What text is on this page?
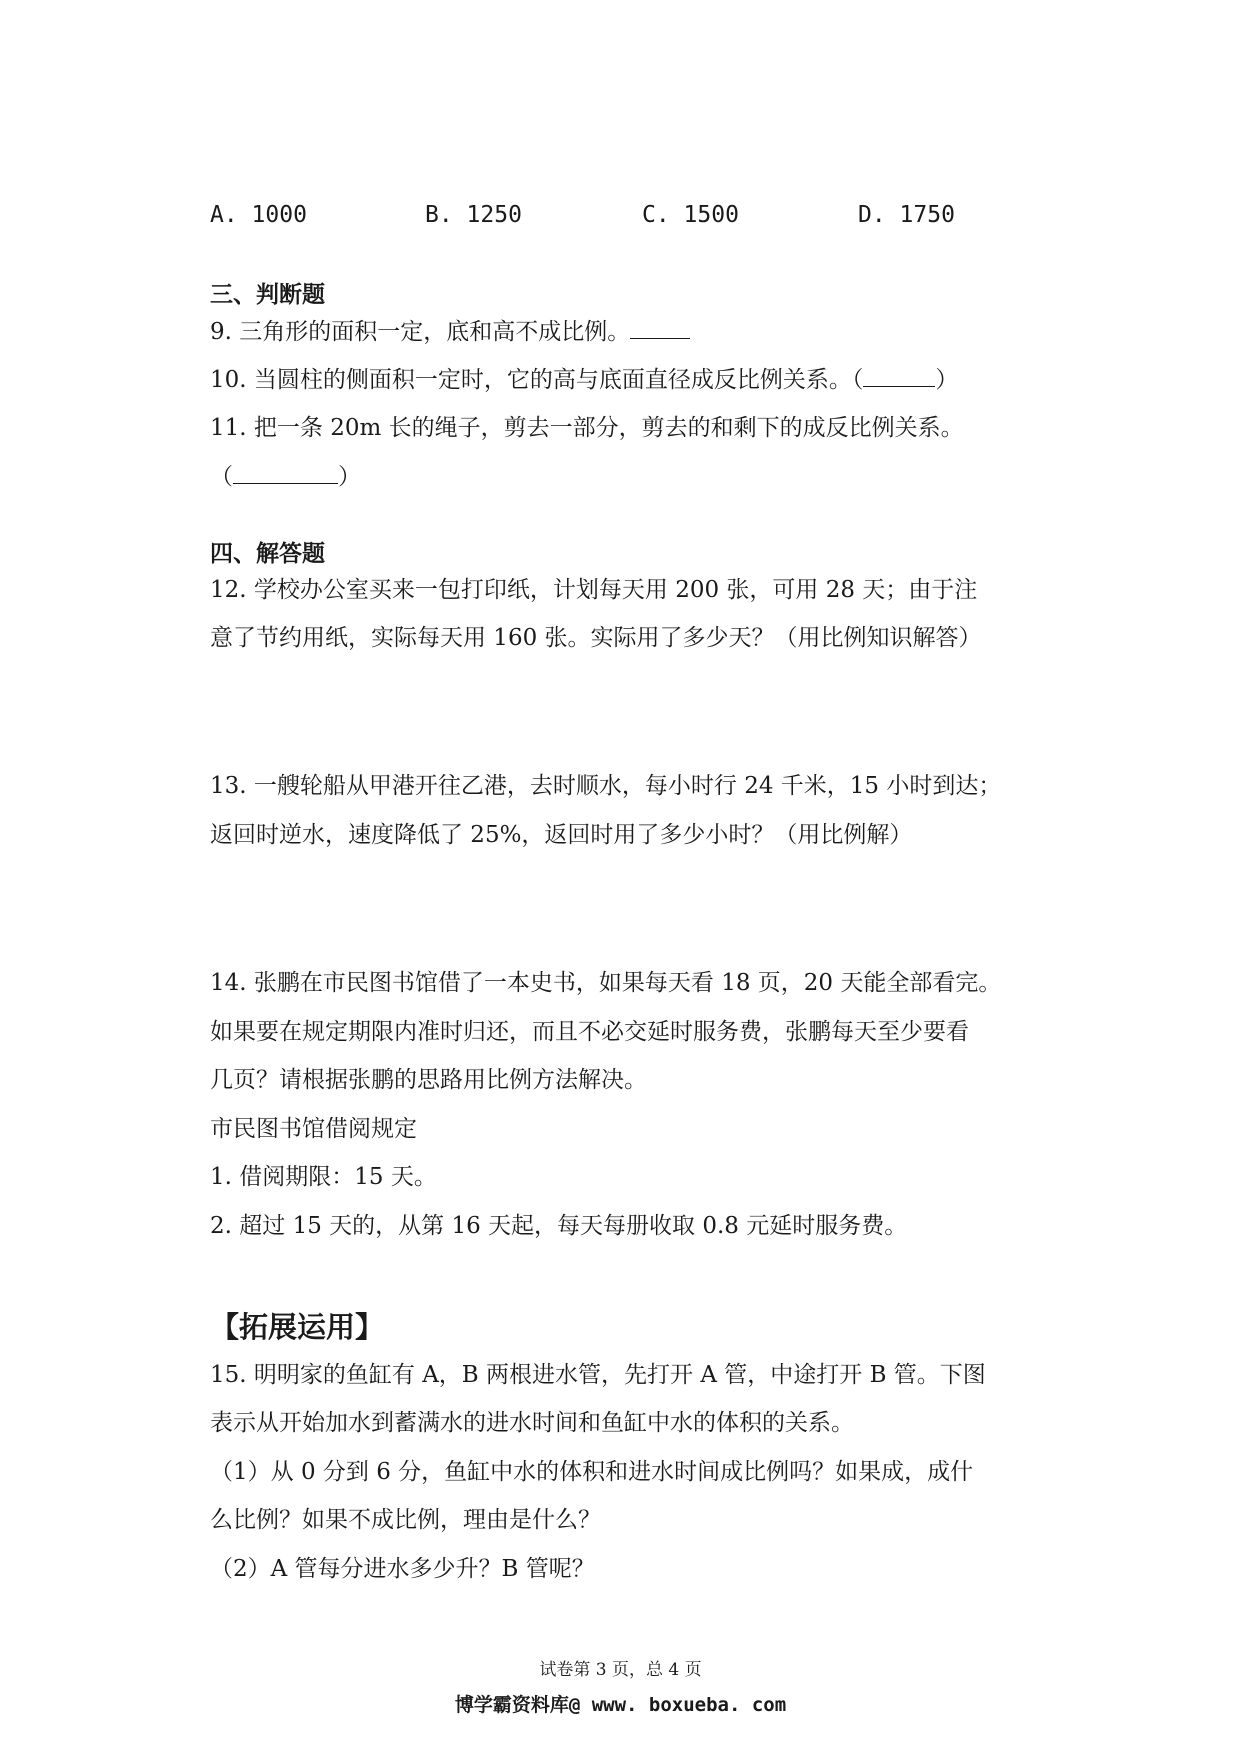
A. 1000	B. 1250	C. 1500	D. 1750
三、判断题
9. 三角形的面积一定，底和高不成比例。
10. 当圆柱的侧面积一定时，它的高与底面直径成反比例关系。（	）
11. 把一条 20m 长的绳子，剪去一部分，剪去的和剩下的成反比例关系。
（	）
四、解答题
12. 学校办公室买来一包打印纸，计划每天用 200 张，可用 28 天；由于注
意了节约用纸，实际每天用 160 张。实际用了多少天？（用比例知识解答）
13. 一艘轮船从甲港开往乙港，去时顺水，每小时行 24 千米，15 小时到达；
返回时逆水，速度降低了 25%，返回时用了多少小时？（用比例解）
14. 张鹏在市民图书馆借了一本史书，如果每天看 18 页，20 天能全部看完。
如果要在规定期限内准时归还，而且不必交延时服务费，张鹏每天至少要看
几页？请根据张鹏的思路用比例方法解决。
市民图书馆借阅规定
1. 借阅期限：15 天。
2. 超过 15 天的，从第 16 天起，每天每册收取 0.8 元延时服务费。
【拓展运用】
15. 明明家的鱼缸有 A，B 两根进水管，先打开 A 管，中途打开 B 管。下图
表示从开始加水到蓄满水的进水时间和鱼缸中水的体积的关系。
（1）从 0 分到 6 分，鱼缸中水的体积和进水时间成比例吗？如果成，成什
么比例？如果不成比例，理由是什么？
（2）A 管每分进水多少升？B 管呢？
试卷第 3 页，总 4 页
博学霸资料库@ www. boxueba. com
